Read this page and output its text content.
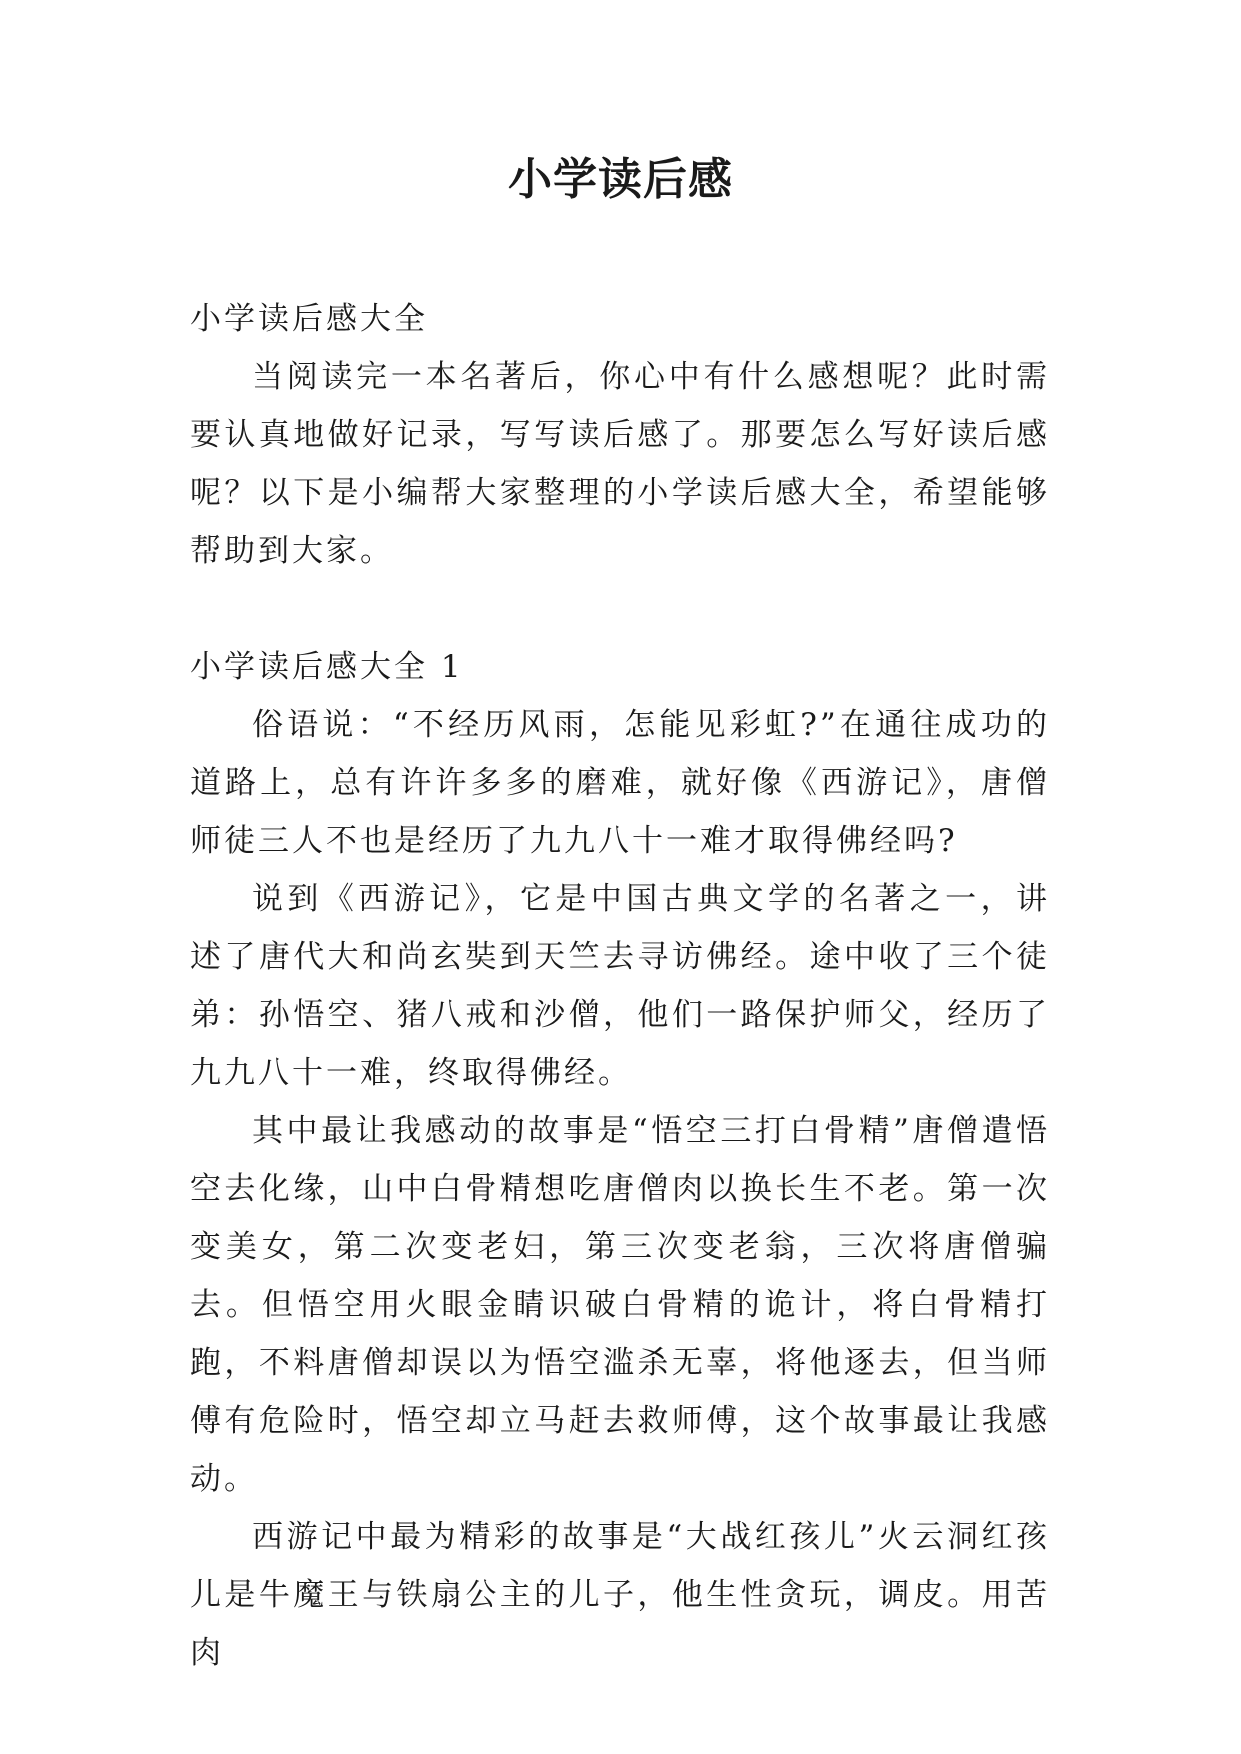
小学读后感

小学读后感大全

当阅读完一本名著后，你心中有什么感想呢？此时需要认真地做好记录，写写读后感了。那要怎么写好读后感呢？以下是小编帮大家整理的小学读后感大全，希望能够帮助到大家。

小学读后感大全 1

俗语说：“不经历风雨，怎能见彩虹?”在通往成功的道路上，总有许许多多的磨难，就好像《西游记》，唐僧师徒三人不也是经历了九九八十一难才取得佛经吗?

说到《西游记》，它是中国古典文学的名著之一，讲述了唐代大和尚玄奘到天竺去寻访佛经。途中收了三个徒弟：孙悟空、猪八戒和沙僧，他们一路保护师父，经历了九九八十一难，终取得佛经。

其中最让我感动的故事是“悟空三打白骨精”唐僧遣悟空去化缘，山中白骨精想吃唐僧肉以换长生不老。第一次变美女，第二次变老妇，第三次变老翁，三次将唐僧骗去。但悟空用火眼金睛识破白骨精的诡计，将白骨精打跑，不料唐僧却误以为悟空滥杀无辜，将他逐去，但当师傅有危险时，悟空却立马赶去救师傅，这个故事最让我感动。

西游记中最为精彩的故事是“大战红孩儿”火云洞红孩儿是牛魔王与铁扇公主的儿子，他生性贪玩，调皮。用苦肉
